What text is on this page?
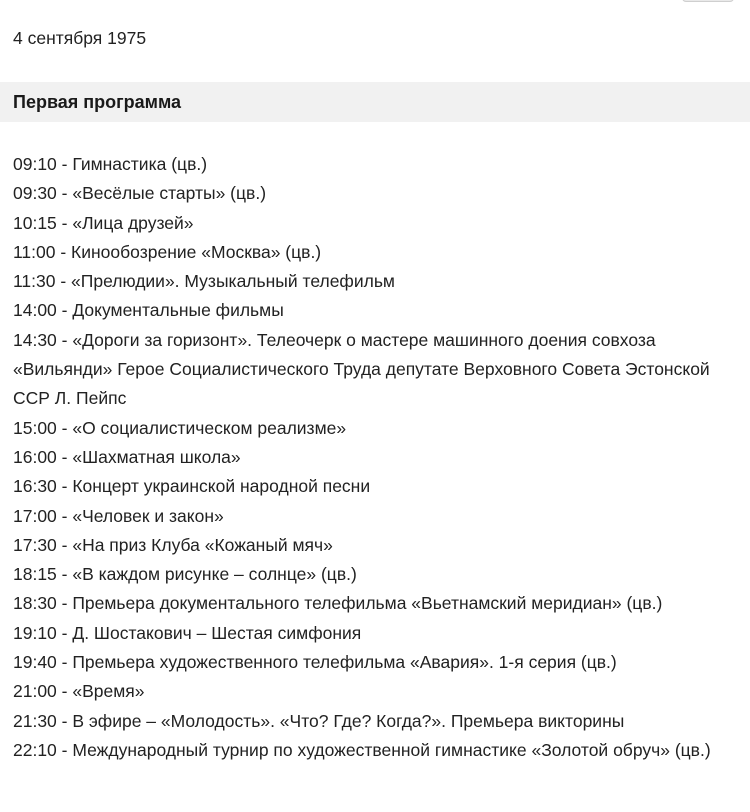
4 сентября 1975
Первая программа
09:10 - Гимнастика (цв.)
09:30 - «Весёлые старты» (цв.)
10:15 - «Лица друзей»
11:00 - Кинообозрение «Москва» (цв.)
11:30 - «Прелюдии». Музыкальный телефильм
14:00 - Документальные фильмы
14:30 - «Дороги за горизонт». Телеочерк о мастере машинного доения совхоза «Вильянди» Герое Социалистического Труда депутате Верховного Совета Эстонской ССР Л. Пейпс
15:00 - «О социалистическом реализме»
16:00 - «Шахматная школа»
16:30 - Концерт украинской народной песни
17:00 - «Человек и закон»
17:30 - «На приз Клуба «Кожаный мяч»
18:15 - «В каждом рисунке – солнце» (цв.)
18:30 - Премьера документального телефильма «Вьетнамский меридиан» (цв.)
19:10 - Д. Шостакович – Шестая симфония
19:40 - Премьера художественного телефильма «Авария». 1-я серия (цв.)
21:00 - «Время»
21:30 - В эфире – «Молодость». «Что? Где? Когда?». Премьера викторины
22:10 - Международный турнир по художественной гимнастике «Золотой обруч» (цв.)
